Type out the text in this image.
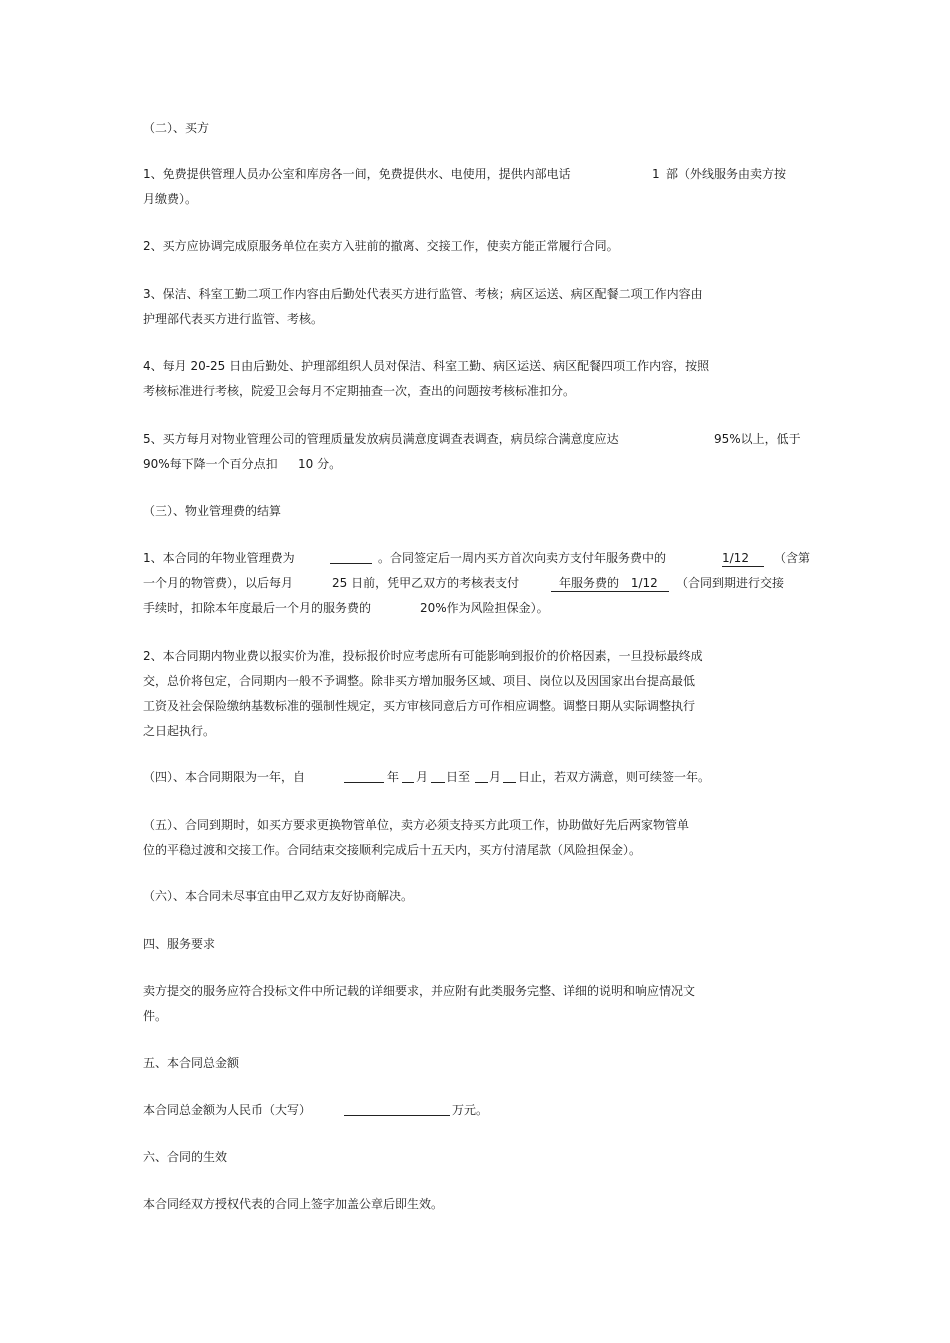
（二）、买方
1、免费提供管理人员办公室和库房各一间，免费提供水、电使用，提供内部电话	1 部（外线服务由卖方按
月缴费）。
2、买方应协调完成原服务单位在卖方入驻前的撤离、交接工作，使卖方能正常履行合同。
3、保洁、科室工勤二项工作内容由后勤处代表买方进行监管、考核；病区运送、病区配餐二项工作内容由
护理部代表买方进行监管、考核。
4、每月 20-25 日由后勤处、护理部组织人员对保洁、科室工勤、病区运送、病区配餐四项工作内容，按照
考核标准进行考核，院爱卫会每月不定期抽查一次，查出的问题按考核标准扣分。
5、买方每月对物业管理公司的管理质量发放病员满意度调查表调查，病员综合满意度应达	95%以上，低于
90%每下降一个百分点扣 10 分。
（三）、物业管理费的结算
1、本合同的年物业管理费为	。合同签定后一周内买方首次向卖方支付年服务费中的	1/12	（含第
一个月的物管费），以后每月	25 日前，凭甲乙双方的考核表支付	年服务费的 1/12	（合同到期进行交接
手续时，扣除本年度最后一个月的服务费的	20%作为风险担保金）。
2、本合同期内物业费以报实价为准，投标报价时应考虑所有可能影响到报价的价格因素，一旦投标最终成
交，总价将包定，合同期内一般不予调整。除非买方增加服务区域、项目、岗位以及因国家出台提高最低
工资及社会保险缴纳基数标准的强制性规定，买方审核同意后方可作相应调整。调整日期从实际调整执行
之日起执行。
（四）、本合同期限为一年，自	年 月 日至 月 日止，若双方满意，则可续签一年。
（五）、合同到期时，如买方要求更换物管单位，卖方必须支持买方此项工作，协助做好先后两家物管单
位的平稳过渡和交接工作。合同结束交接顺利完成后十五天内，买方付清尾款（风险担保金）。
（六）、本合同未尽事宜由甲乙双方友好协商解决。
四、服务要求
卖方提交的服务应符合投标文件中所记载的详细要求，并应附有此类服务完整、详细的说明和响应情况文
件。
五、本合同总金额
本合同总金额为人民币（大写）	万元。
六、合同的生效
本合同经双方授权代表的合同上签字加盖公章后即生效。
